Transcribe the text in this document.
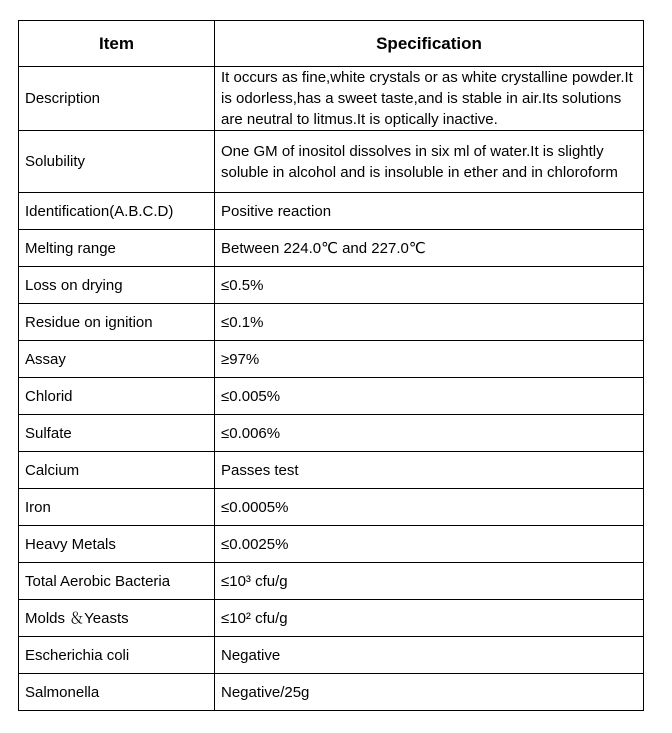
Item	Specification
Description	It occurs as fine,white crystals or as white crystalline powder.It is odorless,has a sweet taste,and is stable in air.Its solutions are neutral to litmus.It is optically inactive.
Solubility	One GM of inositol dissolves in six ml of water.It is slightly soluble in alcohol and is insoluble in ether and in chloroform
Identification(A.B.C.D)	Positive reaction
Melting range	Between 224.0℃ and 227.0℃
Loss on drying	≤0.5%
Residue on ignition	≤0.1%
Assay	≥97%
Chlorid	≤0.005%
Sulfate	≤0.006%
Calcium	Passes test
Iron	≤0.0005%
Heavy Metals	≤0.0025%
Total Aerobic Bacteria	≤10³ cfu/g
Molds ＆Yeasts	≤10² cfu/g
Escherichia coli	Negative
Salmonella	Negative/25g
